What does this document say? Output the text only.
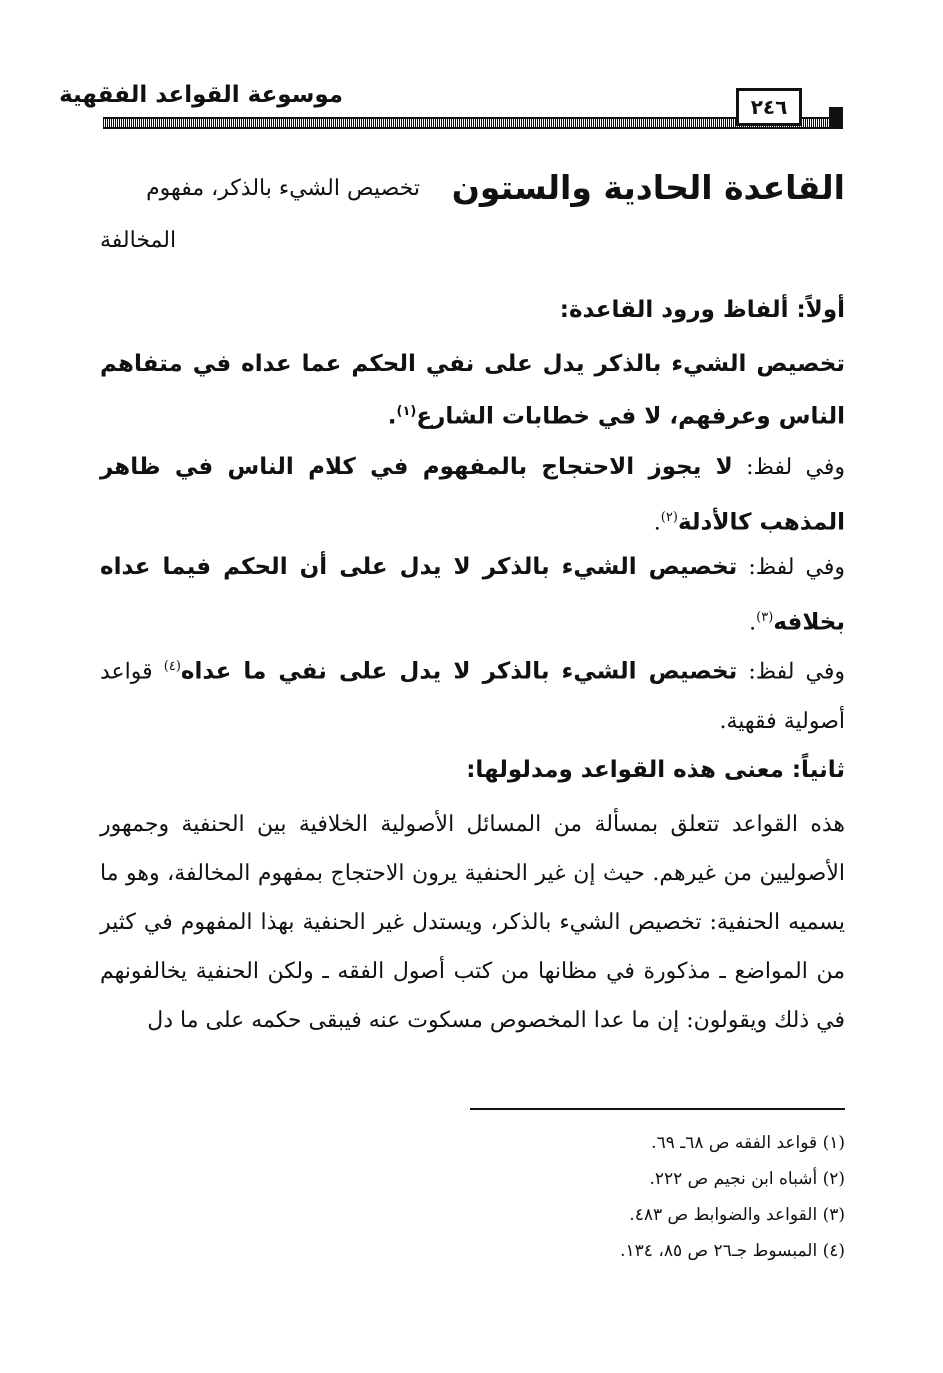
موسوعة القواعد الفقهية	٢٤٦
القاعدة الحادية والستون
تخصيص الشيء بالذكر، مفهوم
المخالفة
أولاً: ألفاظ ورود القاعدة:
تخصيص الشيء بالذكر يدل على نفي الحكم عما عداه في متفاهم الناس وعرفهم، لا في خطابات الشارع$^{(١)}$.
وفي لفظ: لا يجوز الاحتجاج بالمفهوم في كلام الناس في ظاهر المذهب كالأدلة$^{(٢)}$.
وفي لفظ: تخصيص الشيء بالذكر لا يدل على أن الحكم فيما عداه بخلافه$^{(٣)}$.
وفي لفظ: تخصيص الشيء بالذكر لا يدل على نفي ما عداه$^{(٤)}$ قواعد أصولية فقهية.
ثانياً: معنى هذه القواعد ومدلولها:
هذه القواعد تتعلق بمسألة من المسائل الأصولية الخلافية بين الحنفية وجمهور الأصوليين من غيرهم. حيث إن غير الحنفية يرون الاحتجاج بمفهوم المخالفة، وهو ما يسميه الحنفية: تخصيص الشيء بالذكر، ويستدل غير الحنفية بهذا المفهوم في كثير من المواضع ـ مذكورة في مظانها من كتب أصول الفقه ـ ولكن الحنفية يخالفونهم في ذلك ويقولون: إن ما عدا المخصوص مسكوت عنه فيبقى حكمه على ما دل
(١) قواعد الفقه ص ٦٨ـ ٦٩.
(٢) أشباه ابن نجيم ص ٢٢٢.
(٣) القواعد والضوابط ص ٤٨٣.
(٤) المبسوط جـ٢٦ ص ٨٥، ١٣٤.
